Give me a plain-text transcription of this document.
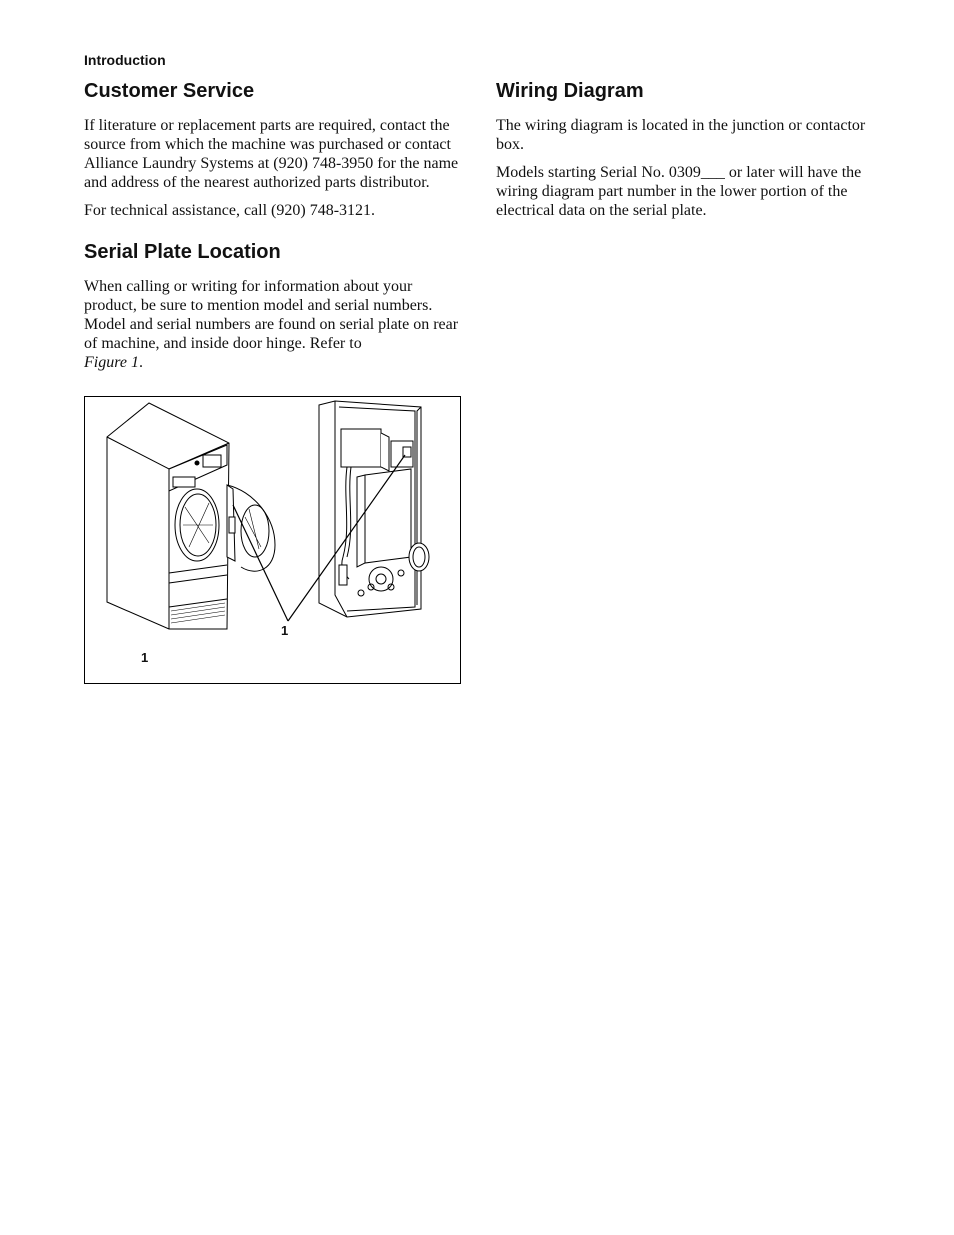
Introduction
Customer Service

If literature or replacement parts are required, contact the source from which the machine was purchased or contact Alliance Laundry Systems at (920) 748-3950 for the name and address of the nearest authorized parts distributor.

For technical assistance, call (920) 748-3121.

Serial Plate Location

When calling or writing for information about your product, be sure to mention model and serial numbers. Model and serial numbers are found on serial plate on rear of machine, and inside door hinge. Refer to
Figure 1.

Wiring Diagram

The wiring diagram is located in the junction or contactor box.

Models starting Serial No. 0309___ or later will have the wiring diagram part number in the lower portion of the electrical data on the serial plate.

1
1
